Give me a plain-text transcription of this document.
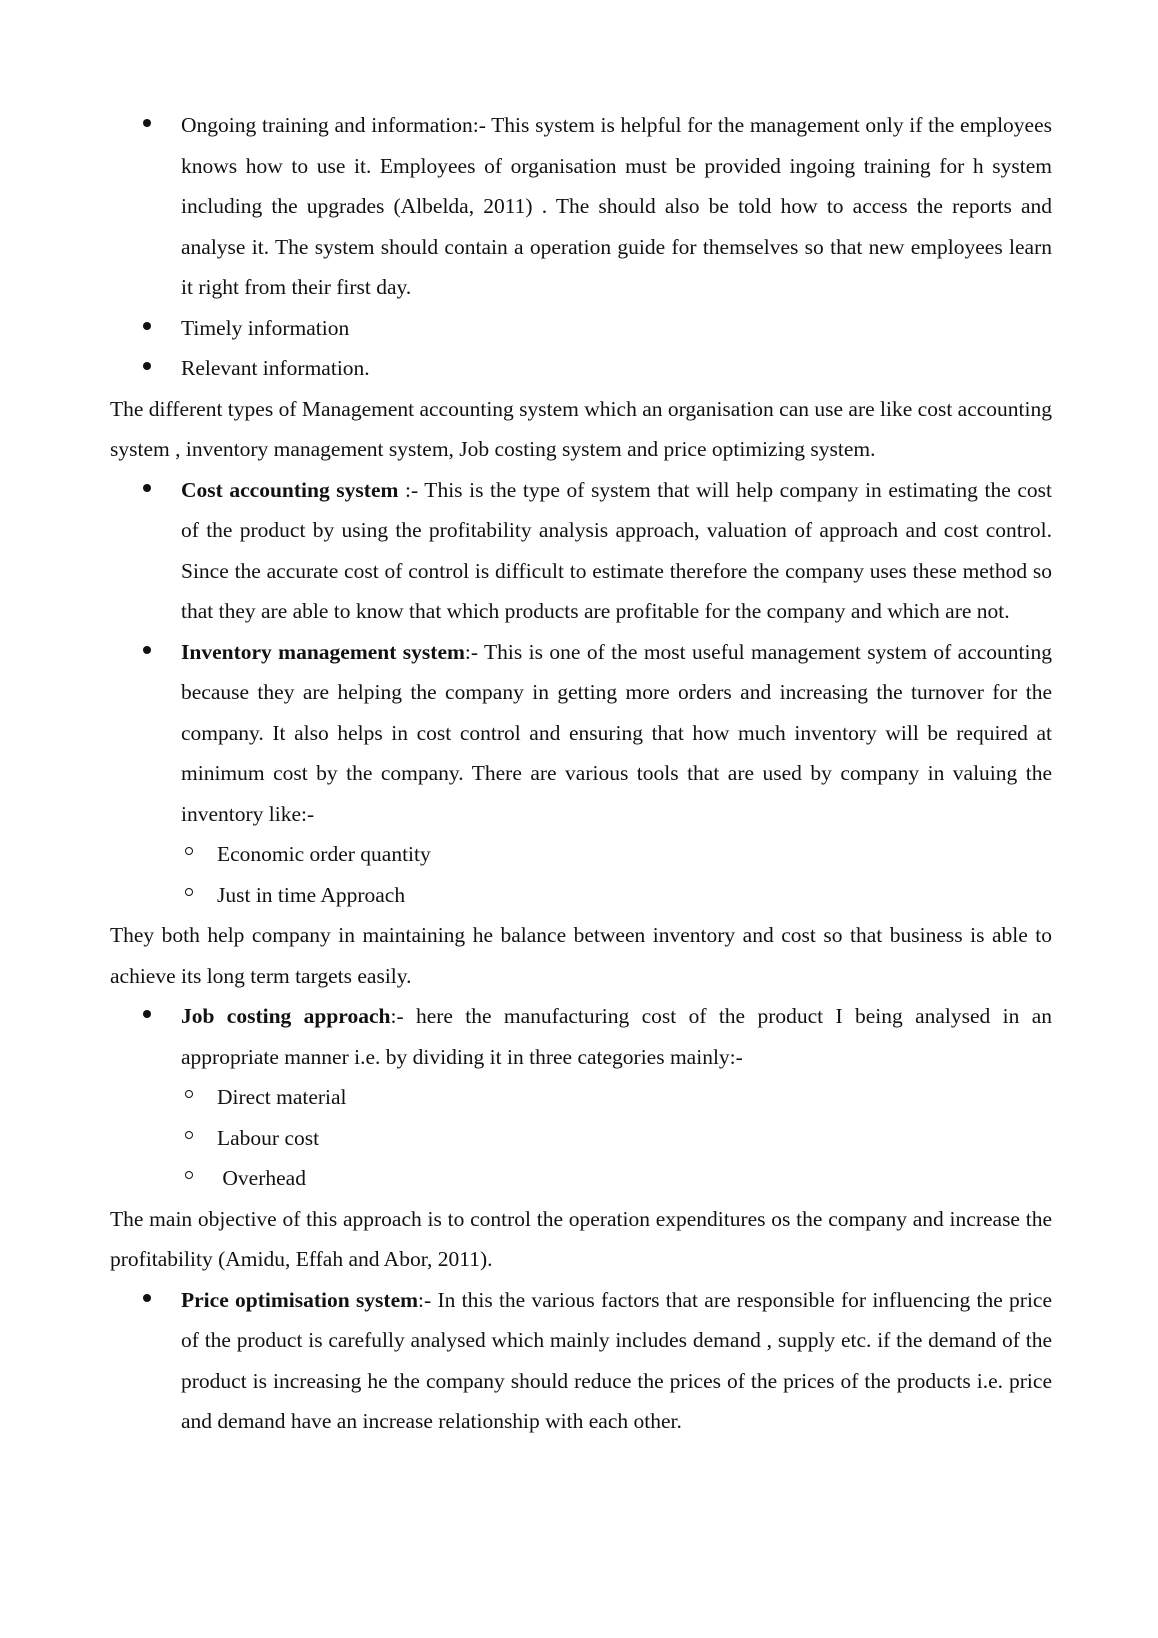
Ongoing training and information:- This system is helpful for the management only if the employees knows how to use it. Employees of organisation must be provided ingoing training for h system including the upgrades (Albelda, 2011) . The should also be told how to access the reports and analyse it. The system should contain a operation guide for themselves so that new employees learn it right from their first day.
Timely information
Relevant information.

The different types of Management accounting system which an organisation can use are like cost accounting system , inventory management system, Job costing system and price optimizing system.

Cost accounting system :- This is the type of system that will help company in estimating the cost of the product by using the profitability analysis approach, valuation of approach and cost control. Since the accurate cost of control is difficult to estimate therefore the company uses these method so that they are able to know that which products are profitable for the company and which are not.
Inventory management system:- This is one of the most useful management system of accounting because they are helping the company in getting more orders and increasing the turnover for the company. It also helps in cost control and ensuring that how much inventory will be required at minimum cost by the company. There are various tools that are used by company in valuing the inventory like:-
Economic order quantity
Just in time Approach

They both help company in maintaining he balance between inventory and cost so that business is able to achieve its long term targets easily.

Job costing approach:- here the manufacturing cost of the product I being analysed in an appropriate manner i.e. by dividing it in three categories mainly:-
Direct material
Labour cost
Overhead

The main objective of this approach is to control the operation expenditures os the company and increase the profitability (Amidu, Effah and Abor, 2011).

Price optimisation system:- In this the various factors that are responsible for influencing the price of the product is carefully analysed which mainly includes demand , supply etc. if the demand of the product is increasing he the company should reduce the prices of the prices of the products i.e. price and demand have an increase relationship with each other.
